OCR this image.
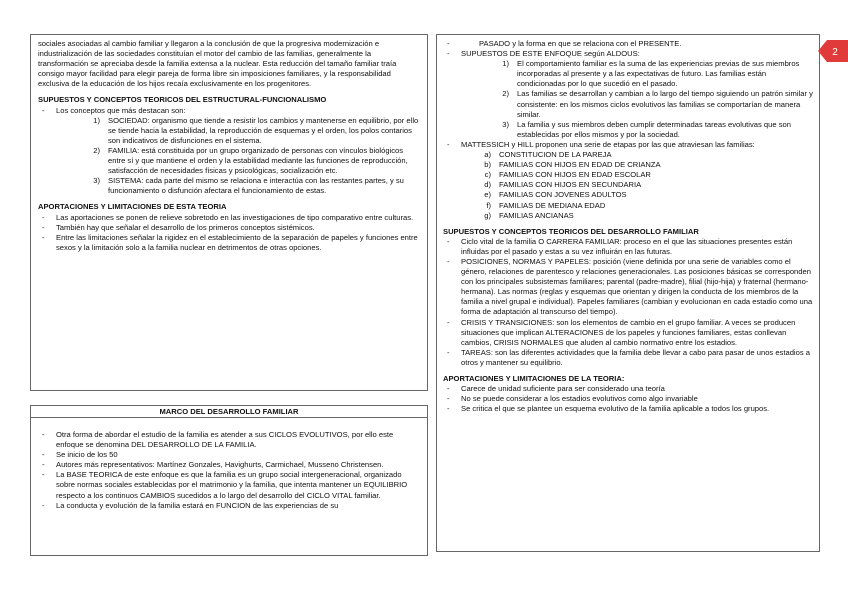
sociales asociadas al cambio familiar y llegaron a la conclusión de que la progresiva modernización e industrialización de las sociedades constituían el motor del cambio de las familias, generalmente la transformación se apreciaba desde la familia extensa a la nuclear. Esta reducción del tamaño familiar traía consigo mayor facilidad para elegir pareja de forma libre sin imposiciones familiares, y la responsabilidad exclusiva de la educación de los hijos recaía exclusivamente en los progenitores.

SUPUESTOS Y CONCEPTOS TEORICOS DEL ESTRUCTURAL-FUNCIONALISMO

- Los conceptos que más destacan son:
1)	SOCIEDAD: organismo que tiende a resistir los cambios y mantenerse en equilibrio, por ello se tiende hacia la estabilidad, la reproducción de esquemas y el orden, los polos contarios son indicativos de disfunciones en el sistema.
2)	FAMILIA: está constituida por un grupo organizado de personas con vínculos biológicos entre sí y que mantiene el orden y la estabilidad mediante las funciones de reproducción, satisfacción de necesidades físicas y psicológicas, socialización etc.
3)	SISTEMA: cada parte del mismo se relaciona e interactúa con las restantes partes, y su funcionamiento o disfunción afectara el funcionamiento de estas.

APORTACIONES Y LIMITACIONES DE ESTA TEORIA

- Las aportaciones se ponen de relieve sobretodo en las investigaciones de tipo comparativo entre culturas.
- También hay que señalar el desarrollo de los primeros conceptos sistémicos.
- Entre las limitaciones señalar la rigidez en el establecimiento de la separación de papeles y funciones entre sexos y la limitación solo a la familia nuclear en detrimentos de otras opciones.
MARCO DEL DESARROLLO FAMILIAR
- Otra forma de abordar el estudio de la familia es atender a sus CICLOS EVOLUTIVOS, por ello este enfoque se denomina DEL DESARROLLO DE LA FAMILIA.
- Se inicio de los 50
- Autores más representativos: Martínez Gonzales, Havighurts, Carmichael, Musseno Christensen.
- La BASE TEORICA de este enfoque es que la familia es un grupo social intergeneracional, organizado sobre normas sociales establecidas por el matrimonio y la familia, que intenta mantener un EQUILIBRIO respecto a los continuos CAMBIOS sucedidos a lo largo del desarrollo del CICLO VITAL familiar.
- La conducta y evolución de la familia estará en FUNCION de las experiencias de su
- PASADO y la forma en que se relaciona con el PRESENTE.
- SUPUESTOS DE ESTE ENFOQUE según ALDOUS:
1)	El comportamiento familiar es la suma de las experiencias previas de sus miembros incorporadas al presente y a las expectativas de futuro. Las familias están condicionadas por lo que sucedió en el pasado.
2)	Las familias se desarrollan y cambian a lo largo del tiempo siguiendo un patrón similar y consistente: en los mismos ciclos evolutivos las familias se comportarían de manera similar.
3)	La familia y sus miembros deben cumplir determinadas tareas evolutivas que son establecidas por ellos mismos y por la sociedad.
- MATTESSICH y HILL proponen una serie de etapas por las que atraviesan las familias:
a)	CONSTITUCION DE LA PAREJA
b)	FAMILIAS CON HIJOS EN EDAD DE CRIANZA
c)	FAMILIAS CON HIJOS EN EDAD ESCOLAR
d)	FAMILIAS CON HIJOS EN SECUNDARIA
e)	FAMILIAS CON JOVENES ADULTOS
f)	FAMILIAS DE MEDIANA EDAD
g)	FAMILIAS ANCIANAS

SUPUESTOS Y CONCEPTOS TEORICOS DEL DESARROLLO FAMILIAR

- Ciclo vital de la familia O CARRERA FAMILIAR: proceso en el que las situaciones presentes están influidas por el pasado y estas a su vez influirán en las futuras.
- POSICIONES, NORMAS Y PAPELES: posición (viene definida por una serie de variables como el género, relaciones de parentesco y relaciones generacionales. Las posiciones básicas se corresponden con los principales subsistemas familiares; parental (padre-madre), filial (hijo-hija) y fraternal (hermano-hermana). Las normas (reglas y esquemas que orientan y dirigen la conducta de los miembros de la familia a nivel grupal e individual). Papeles familiares (cambian y evolucionan en cada estadio como una forma de adaptación al transcurso del tiempo).
- CRISIS Y TRANSICIONES: son los elementos de cambio en el grupo familiar. A veces se producen situaciones que implican ALTERACIONES de los papeles y funciones familiares, estas conllevan cambios, CRISIS NORMALES que aluden al cambio normativo entre los estadios.
- TAREAS: son las diferentes actividades que la familia debe llevar a cabo para pasar de unos estadios a otros y mantener su equilibrio.

APORTACIONES Y LIMITACIONES DE LA TEORIA:

- Carece de unidad suficiente para ser considerado una teoría
- No se puede considerar a los estadios evolutivos como algo invariable
- Se critica el que se plantee un esquema evolutivo de la familia aplicable a todos los grupos.
2
